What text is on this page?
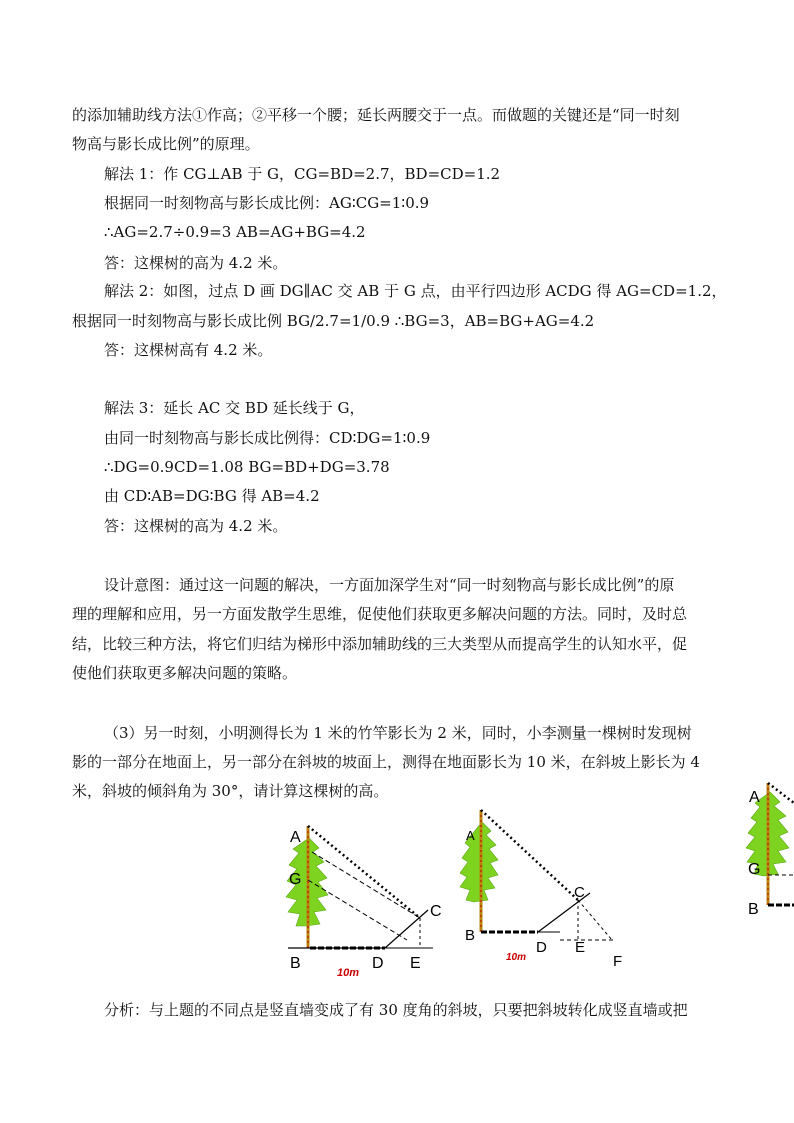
的添加辅助线方法①作高；②平移一个腰；延长两腰交于一点。而做题的关键还是“同一时刻
物高与影长成比例”的原理。
解法 1：作 CG⊥AB 于 G，CG=BD=2.7，BD=CD=1.2
根据同一时刻物高与影长成比例：AG∶CG=1∶0.9
∴AG=2.7÷0.9=3 AB=AG+BG=4.2
答：这棵树的高为 4.2 米。
解法 2：如图，过点 D 画 DG∥AC 交 AB 于 G 点，由平行四边形 ACDG 得 AG=CD=1.2，
根据同一时刻物高与影长成比例 BG/2.7=1/0.9 ∴BG=3，AB=BG+AG=4.2
答：这棵树高有 4.2 米。
解法 3：延长 AC 交 BD 延长线于 G，
由同一时刻物高与影长成比例得：CD∶DG=1∶0.9
∴DG=0.9CD=1.08 BG=BD+DG=3.78
由 CD∶AB=DG∶BG 得 AB=4.2
答：这棵树的高为 4.2 米。
设计意图：通过这一问题的解决，一方面加深学生对“同一时刻物高与影长成比例”的原
理的理解和应用，另一方面发散学生思维，促使他们获取更多解决问题的方法。同时，及时总
结，比较三种方法，将它们归结为梯形中添加辅助线的三大类型从而提高学生的认知水平，促
使他们获取更多解决问题的策略。
（3）另一时刻，小明测得长为 1 米的竹竿影长为 2 米，同时，小李测量一棵树时发现树
影的一部分在地面上，另一部分在斜坡的坡面上，测得在地面影长为 10 米，在斜坡上影长为 4
米，斜坡的倾斜角为 30°，请计算这棵树的高。
分析：与上题的不同点是竖直墙变成了有 30 度角的斜坡，只要把斜坡转化成竖直墙或把
A
G
B	D E
C
10m
A
B
C
D E
F
10m
A
G
B
